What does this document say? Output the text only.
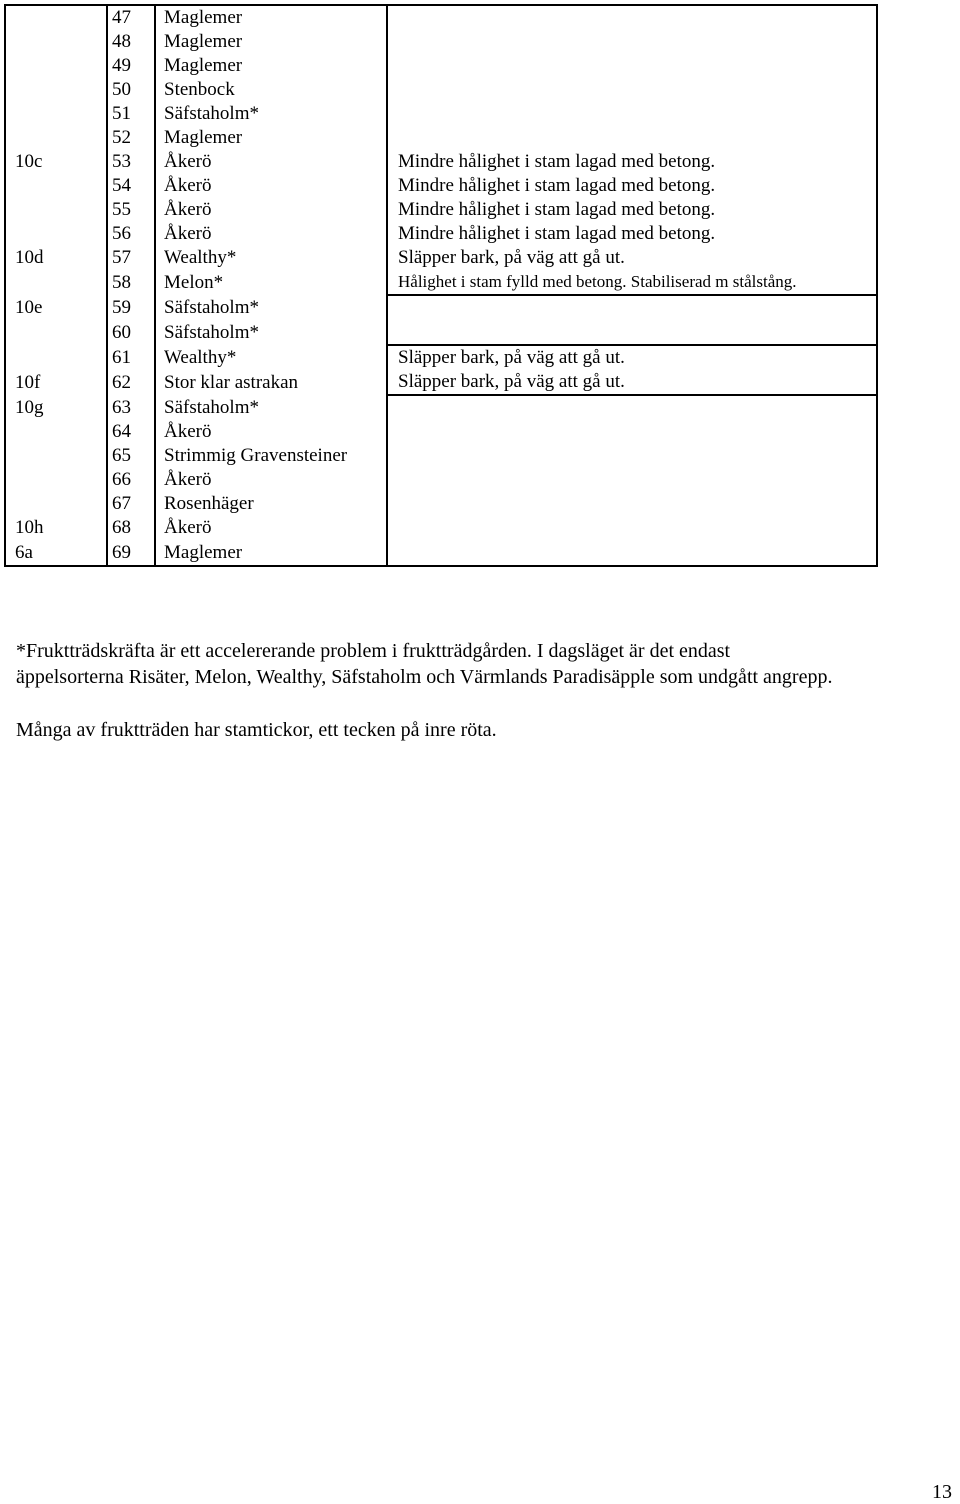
	47	Maglemer	
	48	Maglemer	
	49	Maglemer	
	50	Stenbock	
	51	Säfstaholm*	
	52	Maglemer	
10c	53	Åkerö	Mindre hålighet i stam lagad med betong.
	54	Åkerö	Mindre hålighet i stam lagad med betong.
	55	Åkerö	Mindre hålighet i stam lagad med betong.
	56	Åkerö	Mindre hålighet i stam lagad med betong.
10d	57	Wealthy*	Släpper bark, på väg att gå ut.
	58	Melon*	Hålighet i stam fylld med betong. Stabiliserad m stålstång.
10e	59	Säfstaholm*	
	60	Säfstaholm*	
	61	Wealthy*	Släpper bark, på väg att gå ut.
10f	62	Stor klar astrakan	Släpper bark, på väg att gå ut.
10g	63	Säfstaholm*	
	64	Åkerö	
	65	Strimmig Gravensteiner	
	66	Åkerö	
	67	Rosenhäger	
10h	68	Åkerö	
6a	69	Maglemer	
*Fruktträdskräfta är ett accelererande problem i fruktträdgården. I dagsläget är det endast
äppelsorterna Risäter, Melon, Wealthy, Säfstaholm och Värmlands Paradisäpple som undgått angrepp.

Många av fruktträden har stamtickor, ett tecken på inre röta.

13
